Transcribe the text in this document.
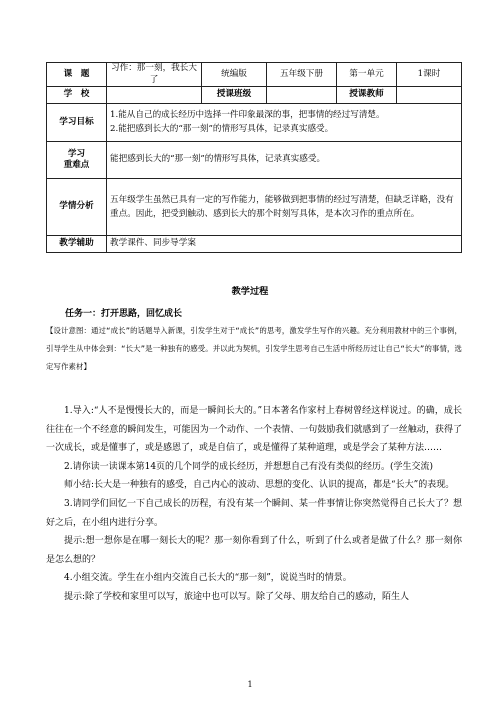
课　题	习作：那一刻，我长大了	统编版	五年级下册	第一单元	1课时
学　校		授课班级		授课教师	
学习目标	1.能从自己的成长经历中选择一件印象最深的事，把事情的经过写清楚。
2.能把感到长大的“那一刻”的情形写具体，记录真实感受。				

学习
重难点	能把感到长大的“那一刻”的情形写具体，记录真实感受。				
学情分析	五年级学生虽然已具有一定的写作能力，能够做到把事情的经过写清楚，但缺乏详略，没有重点。因此，把受到触动、感到长大的那个时刻写具体，是本次习作的重点所在。				
教学辅助	教学课件、同步导学案				
教学过程
任务一：打开思路，回忆成长
【设计意图：通过“成长”的话题导入新课，引发学生对于“成长”的思考，激发学生写作的兴趣。充分利用教材中的三个事例，引导学生从中体会到：“长大”是一种独有的感受。并以此为契机，引发学生思考自己生活中所经历过让自己“长大”的事情，选定写作素材】

1.导入:“人不是慢慢长大的，而是一瞬间长大的。”日本著名作家村上春树曾经这样说过。的确，成长往往在一个不经意的瞬间发生，可能因为一个动作、一个表情、一句鼓励我们就感到了一丝触动，获得了一次成长，或是懂事了，或是感恩了，或是自信了，或是懂得了某种道理，或是学会了某种方法……

2.请你读一读课本第14页的几个同学的成长经历，并想想自己有没有类似的经历。(学生交流)

师小结:长大是一种独有的感受，自己内心的波动、思想的变化、认识的提高，都是“长大”的表现。

3.请同学们回忆一下自己成长的历程，有没有某一个瞬间、某一件事情让你突然觉得自己长大了？想好之后，在小组内进行分享。

提示:想一想你是在哪一刻长大的呢？那一刻你看到了什么，听到了什么或者是做了什么？那一刻你是怎么想的？

4.小组交流。学生在小组内交流自己长大的“那一刻”，说说当时的情景。

提示:除了学校和家里可以写，旅途中也可以写。除了父母、朋友给自己的感动，陌生人

1
